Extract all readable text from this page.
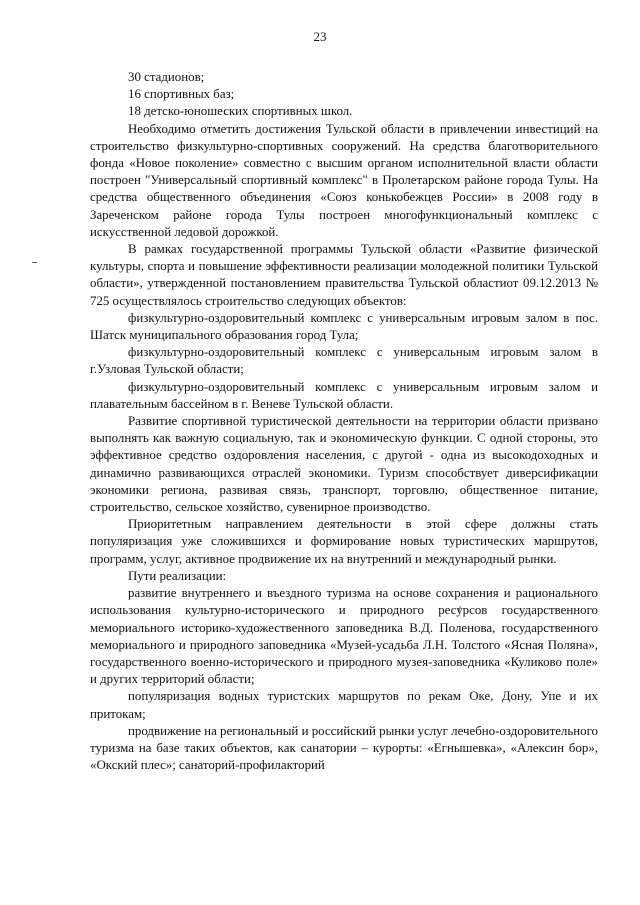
23

30 стадионов;

16 спортивных баз;

18 детско-юношеских спортивных школ.

Необходимо отметить достижения Тульской области в привлечении инвестиций на строительство физкультурно-спортивных сооружений. На средства благотворительного фонда «Новое поколение» совместно с высшим органом исполнительной власти области построен "Универсальный спортивный комплекс" в Пролетарском районе города Тулы. На средства общественного объединения «Союз конькобежцев России» в 2008 году в Зареченском районе города Тулы построен многофункциональный комплекс с искусственной ледовой дорожкой.

В рамках государственной программы Тульской области «Развитие физической культуры, спорта и повышение эффективности реализации молодежной политики Тульской области», утвержденной постановлением правительства Тульской областиот 09.12.2013 № 725 осуществлялось строительство следующих объектов:

физкультурно-оздоровительный комплекс с универсальным игровым залом в пос. Шатск муниципального образования город Тула;

физкультурно-оздоровительный комплекс с универсальным игровым залом в г.Узловая Тульской области;

физкультурно-оздоровительный комплекс с универсальным игровым залом и плавательным бассейном в г. Веневе Тульской области.

Развитие спортивной туристической деятельности на территории области призвано выполнять как важную социальную, так и экономическую функции. С одной стороны, это эффективное средство оздоровления населения, с другой - одна из высокодоходных и динамично развивающихся отраслей экономики. Туризм способствует диверсификации экономики региона, развивая связь, транспорт, торговлю, общественное питание, строительство, сельское хозяйство, сувенирное производство.

Приоритетным направлением деятельности в этой сфере должны стать популяризация уже сложившихся и формирование новых туристических маршрутов, программ, услуг, активное продвижение их на внутренний и международный рынки.

Пути реализации:

развитие внутреннего и въездного туризма на основе сохранения и рационального использования культурно-исторического и природного ресурсов государственного мемориального историко-художественного заповедника В.Д. Поленова, государственного мемориального и природного заповедника «Музей-усадьба Л.Н. Толстого «Ясная Поляна», государственного военно-исторического и природного музея-заповедника «Куликово поле» и других территорий области;

популяризация водных туристских маршрутов по рекам Оке, Дону, Упе и их притокам;

продвижение на региональный и российский рынки услуг лечебно-оздоровительного туризма на базе таких объектов, как санатории – курорты: «Егнышевка», «Алексин бор», «Окский плес»; санаторий-профилакторий
